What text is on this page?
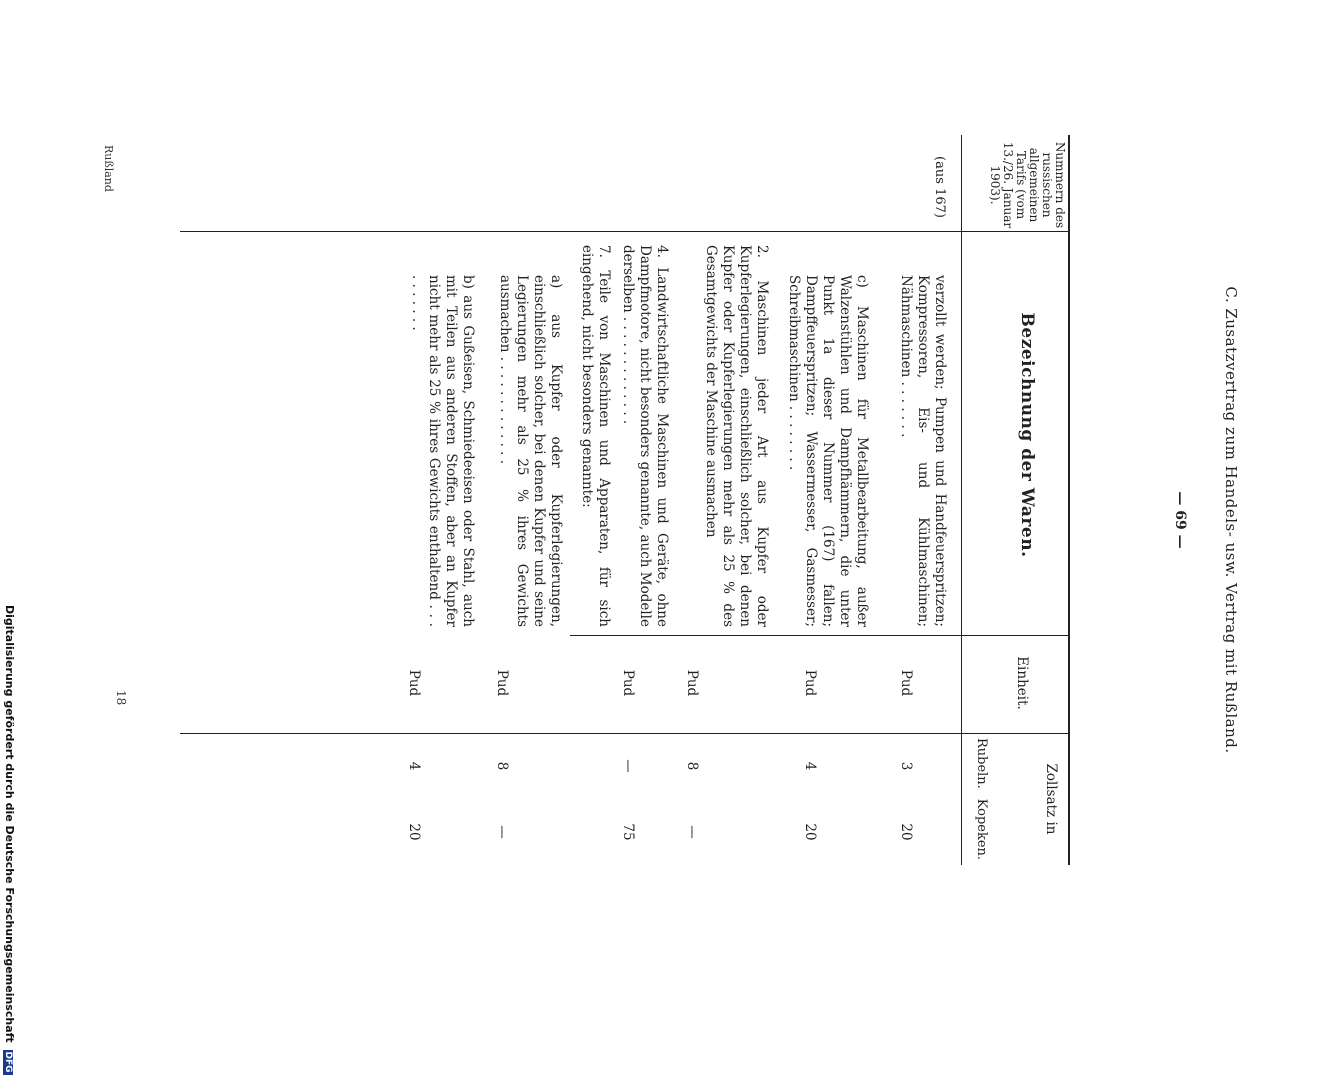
C. Zusatzvertrag zum Handels- usw. Vertrag mit Rußland.
— 69 —
Nummern des russischen allgemeinen Tarifs (vom 13./26. Januar 1903).
Bezeichnung der Waren.
Einheit.
Zollsatz in
Rubeln.
Kopeken.
(aus 167)
verzollt werden; Pumpen und Handfeuerspritzen; Kompressoren, Eis- und Kühlmaschinen; Nähmaschinen . . . . . . .
Pud
3
20
c) Maschinen für Metallbearbeitung, außer Walzenstühlen und Dampfhämmern, die unter Punkt 1a dieser Nummer (167) fallen; Dampffeuerspritzen; Wassermesser, Gasmesser; Schreibmaschinen . . . . . . . .
Pud
4
20
2. Maschinen jeder Art aus Kupfer oder Kupferlegierungen, einschließlich solcher, bei denen Kupfer oder Kupferlegierungen mehr als 25 % des Gesamtgewichts der Maschine ausmachen
Pud
8
—
4. Landwirtschaftliche Maschinen und Geräte, ohne Dampfmotore, nicht besonders genannte, auch Modelle derselben . . . . . . . . . . . . .
Pud
—
75
7. Teile von Maschinen und Apparaten, für sich eingehend, nicht besonders genannte:
a) aus Kupfer oder Kupferlegierungen, einschließlich solcher, bei denen Kupfer und seine Legierungen mehr als 25 % ihres Gewichts ausmachen . . . . . . . . . . . . .
Pud
8
—
b) aus Gußeisen, Schmiedeeisen oder Stahl, auch mit Teilen aus anderen Stoffen, aber an Kupfer nicht mehr als 25 % ihres Gewichts enthaltend . . . . . . . . . .
Pud
4
20
Rußland
18
Digitalisierung gefördert durch die Deutsche Forschungsgemeinschaft DFG
